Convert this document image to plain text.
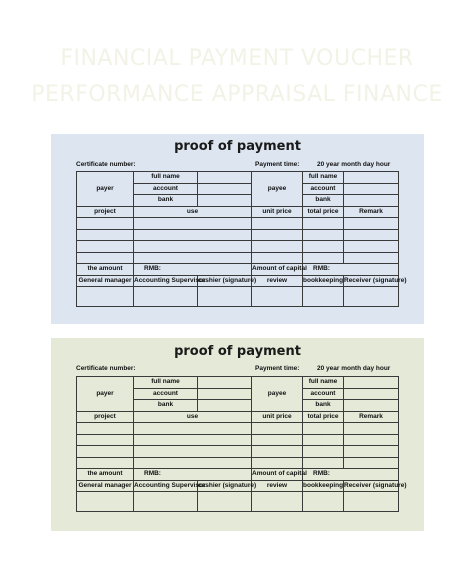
FINANCIAL PAYMENT VOUCHER
PERFORMANCE APPRAISAL FINANCE
proof of payment
Certificate number:	Payment time:	20 year month day hour
payer	full name		payee	full name	
	account			account	
	bank			bank	
project	use		unit price	total price	Remark

the amount	RMB:		Amount of capital	RMB:	
General manager	Accounting Supervisor	cashier (signature)	review	bookkeeping	Receiver (signature)

proof of payment
Certificate number:	Payment time:	20 year month day hour
payer	full name		payee	full name	
	account			account	
	bank			bank	
project	use		unit price	total price	Remark

the amount	RMB:		Amount of capital	RMB:	
General manager	Accounting Supervisor	cashier (signature)	review	bookkeeping	Receiver (signature)
